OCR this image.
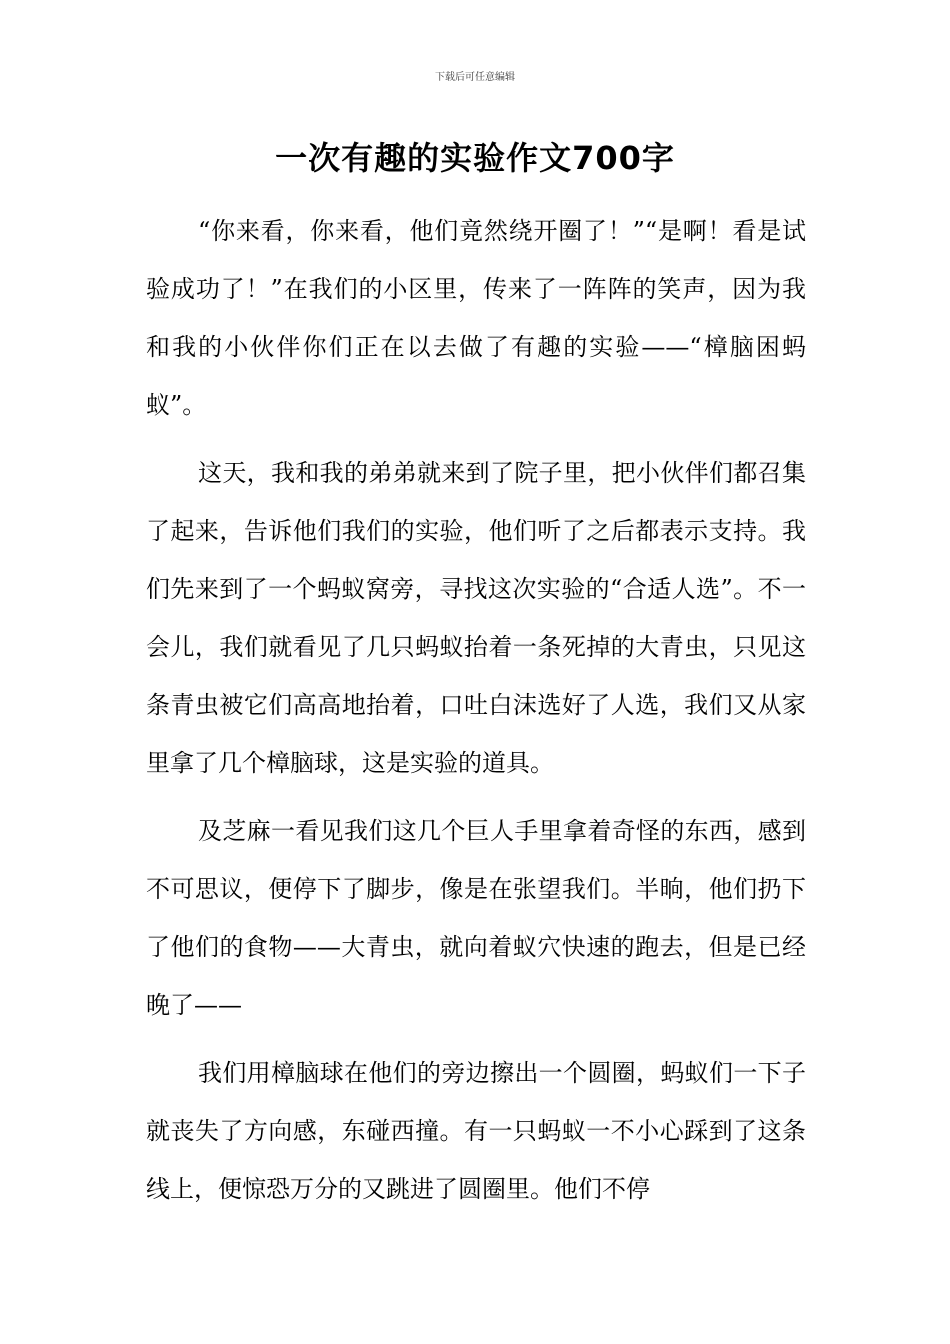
下载后可任意编辑
一次有趣的实验作文700字

“你来看，你来看，他们竟然绕开圈了！”“是啊！看是试验成功了！”在我们的小区里，传来了一阵阵的笑声，因为我和我的小伙伴你们正在以去做了有趣的实验——“樟脑困蚂蚁”。

这天，我和我的弟弟就来到了院子里，把小伙伴们都召集了起来，告诉他们我们的实验，他们听了之后都表示支持。我们先来到了一个蚂蚁窝旁，寻找这次实验的“合适人选”。不一会儿，我们就看见了几只蚂蚁抬着一条死掉的大青虫，只见这条青虫被它们高高地抬着，口吐白沫选好了人选，我们又从家里拿了几个樟脑球，这是实验的道具。

及芝麻一看见我们这几个巨人手里拿着奇怪的东西，感到不可思议，便停下了脚步，像是在张望我们。半晌，他们扔下了他们的食物——大青虫，就向着蚁穴快速的跑去，但是已经晚了——

我们用樟脑球在他们的旁边擦出一个圆圈，蚂蚁们一下子就丧失了方向感，东碰西撞。有一只蚂蚁一不小心踩到了这条线上，便惊恐万分的又跳进了圆圈里。他们不停
